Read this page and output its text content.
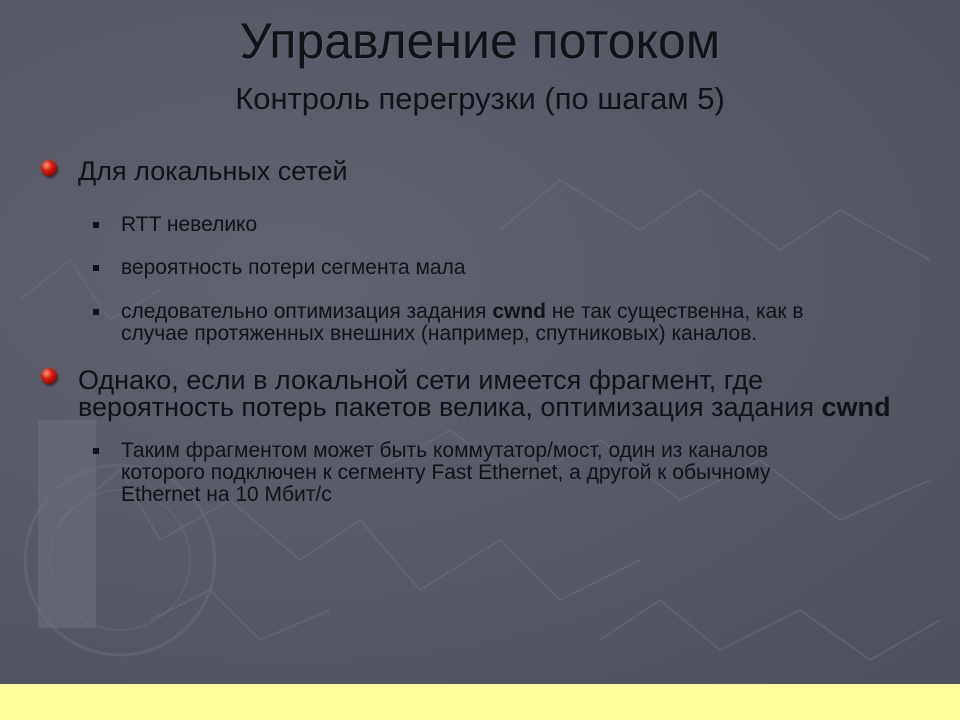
Управление потоком
Контроль перегрузки (по шагам 5)
Для локальных сетей
RTT невелико
вероятность потери сегмента мала
следовательно оптимизация задания cwnd не так существенна, как в
случае протяженных внешних (например, спутниковых) каналов.
Однако, если в локальной сети имеется фрагмент, где
вероятность потерь пакетов велика, оптимизация задания cwnd
Таким фрагментом может быть коммутатор/мост, один из каналов
которого подключен к сегменту Fast Ethernet, а другой к обычному
Ethernet на 10 Мбит/с
